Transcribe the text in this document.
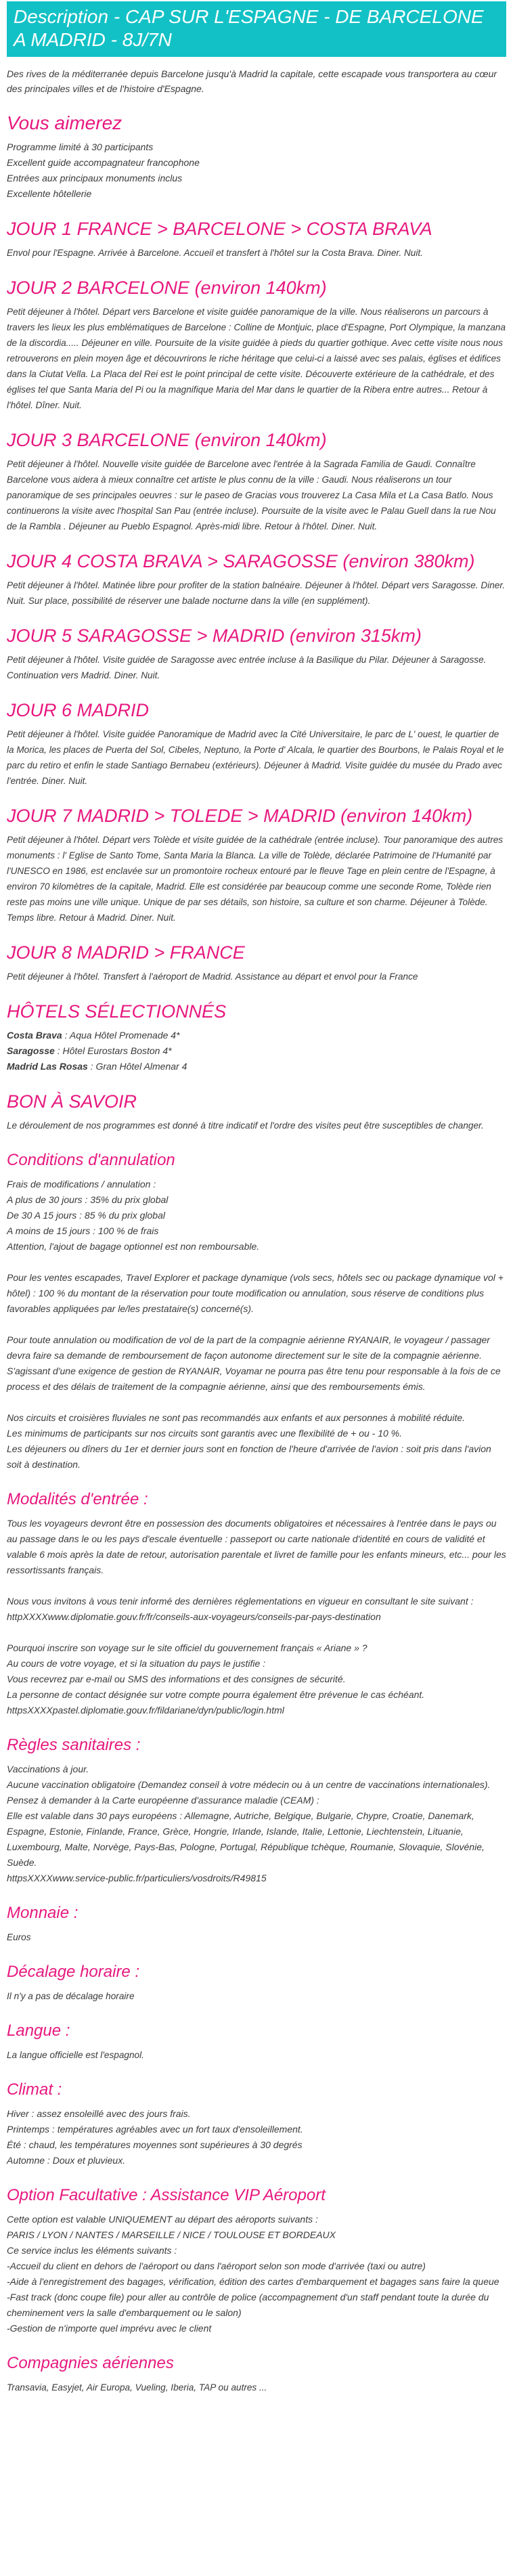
Description - CAP SUR L'ESPAGNE - DE BARCELONE A MADRID - 8J/7N
Des rives de la méditerranée depuis Barcelone jusqu'à Madrid la capitale, cette escapade vous transportera au cœur des principales villes et de l'histoire d'Espagne.
Vous aimerez
Programme limité à 30 participants
Excellent guide accompagnateur francophone
Entrées aux principaux monuments inclus
Excellente hôtellerie
JOUR 1 FRANCE > BARCELONE > COSTA BRAVA
Envol pour l'Espagne. Arrivée à Barcelone. Accueil et transfert à l'hôtel sur la Costa Brava. Diner. Nuit.
JOUR 2 BARCELONE (environ 140km)
Petit déjeuner à l'hôtel. Départ vers Barcelone et visite guidée panoramique de la ville. Nous réaliserons un parcours à travers les lieux les plus emblématiques de Barcelone : Colline de Montjuic, place d'Espagne, Port Olympique, la manzana de la discordia..... Déjeuner en ville. Poursuite de la visite guidée à pieds du quartier gothique. Avec cette visite nous nous retrouverons en plein moyen âge et découvrirons le riche héritage que celui-ci a laissé avec ses palais, églises et édifices dans la Ciutat Vella. La Placa del Rei est le point principal de cette visite. Découverte extérieure de la cathédrale, et des églises tel que Santa Maria del Pi ou la magnifique Maria del Mar dans le quartier de la Ribera entre autres... Retour à l'hôtel. Dîner. Nuit.
JOUR 3 BARCELONE (environ 140km)
Petit déjeuner à l'hôtel. Nouvelle visite guidée de Barcelone avec l'entrée à la Sagrada Familia de Gaudi. Connaître Barcelone vous aidera à mieux connaître cet artiste le plus connu de la ville : Gaudi. Nous réaliserons un tour panoramique de ses principales oeuvres : sur le paseo de Gracias vous trouverez La Casa Mila et La Casa Batlo. Nous continuerons la visite avec l'hospital San Pau (entrée incluse). Poursuite de la visite avec le Palau Guell dans la rue Nou de la Rambla . Déjeuner au Pueblo Espagnol. Après-midi libre. Retour à l'hôtel. Diner. Nuit.
JOUR 4 COSTA BRAVA > SARAGOSSE (environ 380km)
Petit déjeuner à l'hôtel. Matinée libre pour profiter de la station balnéaire. Déjeuner à l'hôtel. Départ vers Saragosse. Diner. Nuit. Sur place, possibilité de réserver une balade nocturne dans la ville (en supplément).
JOUR 5 SARAGOSSE > MADRID (environ 315km)
Petit déjeuner à l'hôtel. Visite guidée de Saragosse avec entrée incluse à la Basilique du Pilar. Déjeuner à Saragosse. Continuation vers Madrid. Diner. Nuit.
JOUR 6 MADRID
Petit déjeuner à l'hôtel. Visite guidée Panoramique de Madrid avec la Cité Universitaire, le parc de L' ouest, le quartier de la Morica, les places de Puerta del Sol, Cibeles, Neptuno, la Porte d' Alcala, le quartier des Bourbons, le Palais Royal et le parc du retiro et enfin le stade Santiago Bernabeu (extérieurs). Déjeuner à Madrid. Visite guidée du musée du Prado avec l'entrée. Diner. Nuit.
JOUR 7 MADRID > TOLEDE > MADRID (environ 140km)
Petit déjeuner à l'hôtel. Départ vers Tolède et visite guidée de la cathédrale (entrée incluse). Tour panoramique des autres monuments : l' Eglise de Santo Tome, Santa Maria la Blanca. La ville de Tolède, déclarée Patrimoine de l'Humanité par l'UNESCO en 1986, est enclavée sur un promontoire rocheux entouré par le fleuve Tage en plein centre de l'Espagne, à environ 70 kilomètres de la capitale, Madrid. Elle est considérée par beaucoup comme une seconde Rome, Tolède rien reste pas moins une ville unique. Unique de par ses détails, son histoire, sa culture et son charme. Déjeuner à Tolède. Temps libre. Retour à Madrid. Diner. Nuit.
JOUR 8 MADRID > FRANCE
Petit déjeuner à l'hôtel. Transfert à l'aéroport de Madrid. Assistance au départ et envol pour la France
HÔTELS SÉLECTIONNÉS
Costa Brava : Aqua Hôtel Promenade 4*
Saragosse : Hôtel Eurostars Boston 4*
Madrid Las Rosas : Gran Hôtel Almenar 4
BON À SAVOIR
Le déroulement de nos programmes est donné à titre indicatif et l'ordre des visites peut être susceptibles de changer.
Conditions d'annulation
Frais de modifications / annulation :
A plus de 30 jours : 35% du prix global
De 30 A 15 jours : 85 % du prix global
A moins de 15 jours : 100 % de frais
Attention, l'ajout de bagage optionnel est non remboursable.
Pour les ventes escapades, Travel Explorer et package dynamique (vols secs, hôtels sec ou package dynamique vol + hôtel) : 100 % du montant de la réservation pour toute modification ou annulation, sous réserve de conditions plus favorables appliquées par le/les prestataire(s) concerné(s).
Pour toute annulation ou modification de vol de la part de la compagnie aérienne RYANAIR, le voyageur / passager devra faire sa demande de remboursement de façon autonome directement sur le site de la compagnie aérienne. S'agissant d'une exigence de gestion de RYANAIR, Voyamar ne pourra pas être tenu pour responsable à la fois de ce process et des délais de traitement de la compagnie aérienne, ainsi que des remboursements émis.
Nos circuits et croisières fluviales ne sont pas recommandés aux enfants et aux personnes à mobilité réduite.
Les minimums de participants sur nos circuits sont garantis avec une flexibilité de + ou - 10 %.
Les déjeuners ou dîners du 1er et dernier jours sont en fonction de l'heure d'arrivée de l'avion : soit pris dans l'avion soit à destination.
Modalités d'entrée :
Tous les voyageurs devront être en possession des documents obligatoires et nécessaires à l'entrée dans le pays ou au passage dans le ou les pays d'escale éventuelle : passeport ou carte nationale d'identité en cours de validité et valable 6 mois après la date de retour, autorisation parentale et livret de famille pour les enfants mineurs, etc... pour les ressortissants français.
Nous vous invitons à vous tenir informé des dernières réglementations en vigueur en consultant le site suivant : httpXXXXwww.diplomatie.gouv.fr/fr/conseils-aux-voyageurs/conseils-par-pays-destination
Pourquoi inscrire son voyage sur le site officiel du gouvernement français « Ariane » ?
Au cours de votre voyage, et si la situation du pays le justifie :
Vous recevrez par e-mail ou SMS des informations et des consignes de sécurité.
La personne de contact désignée sur votre compte pourra également être prévenue le cas échéant.
httpsXXXXpastel.diplomatie.gouv.fr/fildariane/dyn/public/login.html
Règles sanitaires :
Vaccinations à jour.
Aucune vaccination obligatoire (Demandez conseil à votre médecin ou à un centre de vaccinations internationales).
Pensez à demander à la Carte européenne d'assurance maladie (CEAM) :
Elle est valable dans 30 pays européens : Allemagne, Autriche, Belgique, Bulgarie, Chypre, Croatie, Danemark, Espagne, Estonie, Finlande, France, Grèce, Hongrie, Irlande, Islande, Italie, Lettonie, Liechtenstein, Lituanie, Luxembourg, Malte, Norvège, Pays-Bas, Pologne, Portugal, République tchèque, Roumanie, Slovaquie, Slovénie, Suède.
httpsXXXXwww.service-public.fr/particuliers/vosdroits/R49815
Monnaie :
Euros
Décalage horaire :
Il n'y a pas de décalage horaire
Langue :
La langue officielle est l'espagnol.
Climat :
Hiver : assez ensoleillé avec des jours frais.
Printemps : températures agréables avec un fort taux d'ensoleillement.
Été : chaud, les températures moyennes sont supérieures à 30 degrés
Automne : Doux et pluvieux.
Option Facultative : Assistance VIP Aéroport
Cette option est valable UNIQUEMENT au départ des aéroports suivants :
PARIS / LYON / NANTES / MARSEILLE / NICE / TOULOUSE ET BORDEAUX
Ce service inclus les éléments suivants :
-Accueil du client en dehors de l'aéroport ou dans l'aéroport selon son mode d'arrivée (taxi ou autre)
-Aide à l'enregistrement des bagages, vérification, édition des cartes d'embarquement et bagages sans faire la queue
-Fast track (donc coupe file) pour aller au contrôle de police (accompagnement d'un staff pendant toute la durée du cheminement vers la salle d'embarquement ou le salon)
-Gestion de n'importe quel imprévu avec le client
Compagnies aériennes
Transavia, Easyjet, Air Europa, Vueling, Iberia, TAP ou autres ...
